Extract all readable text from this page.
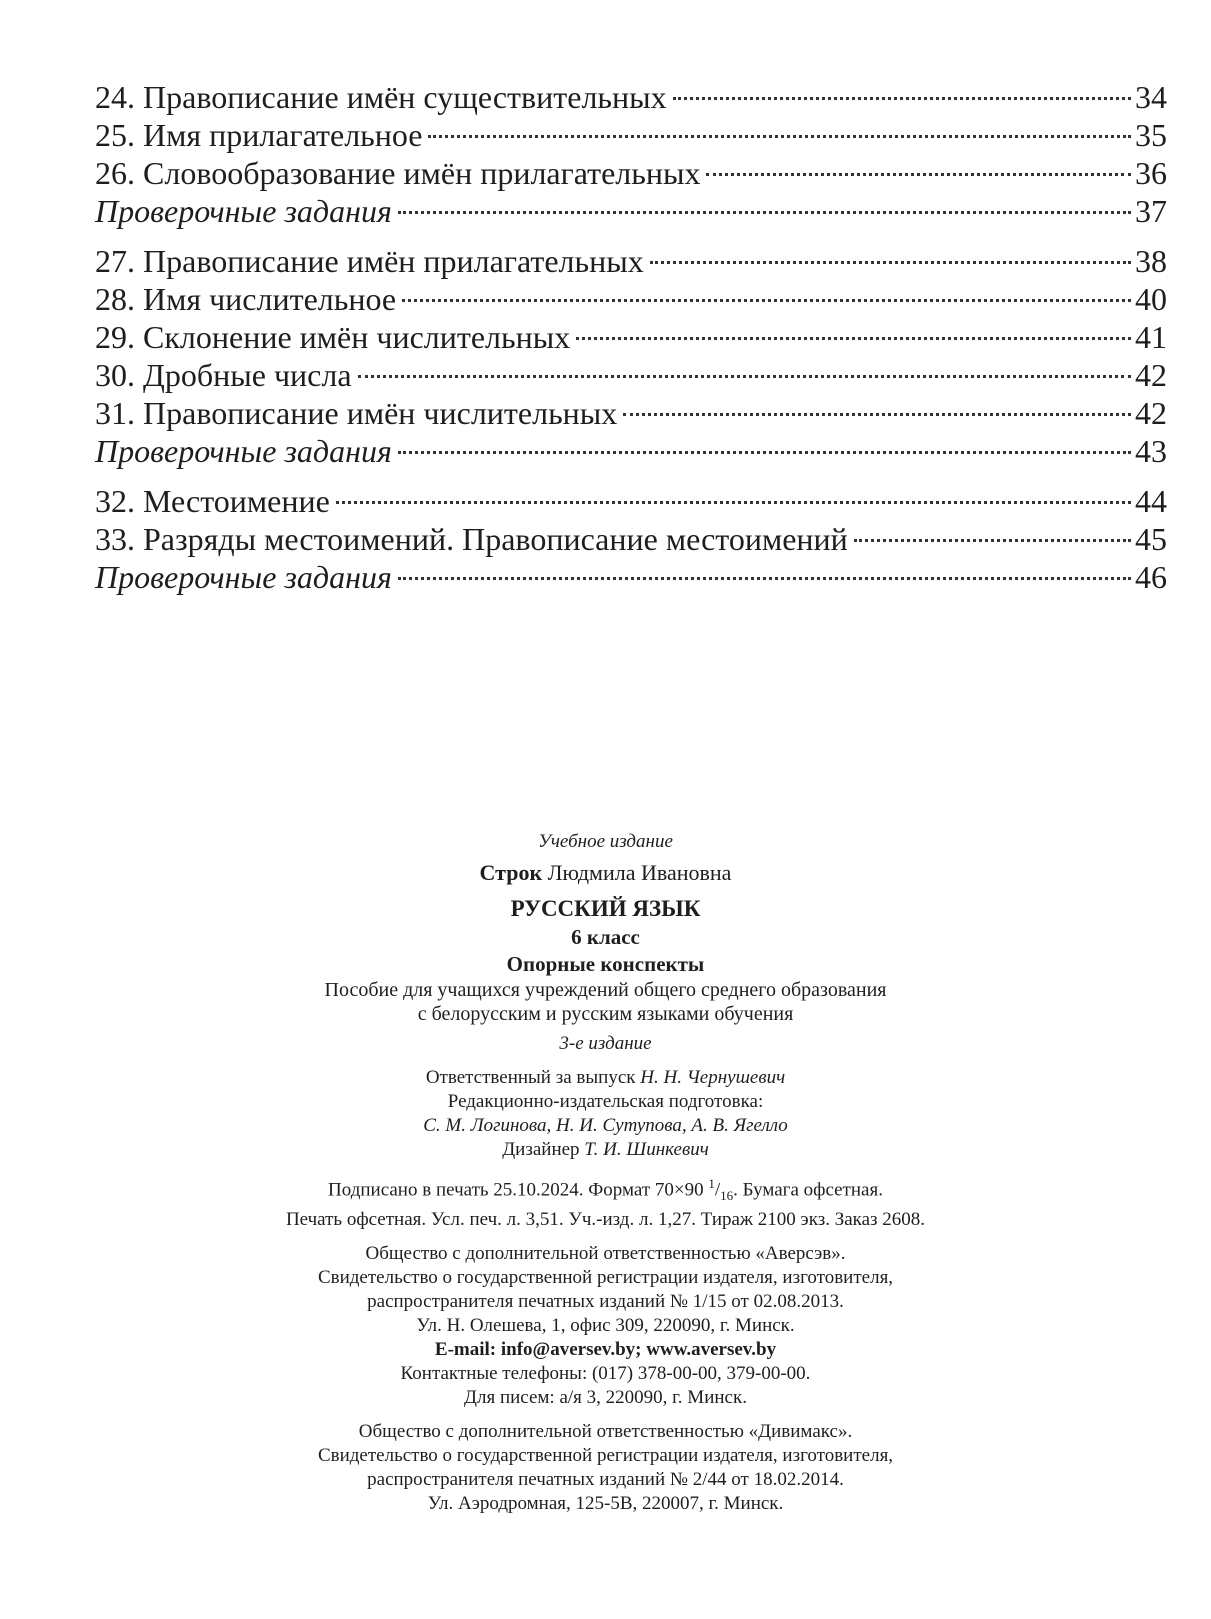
24. Правописание имён существительных	34
25. Имя прилагательное	35
26. Словообразование имён прилагательных	36
Проверочные задания	37
27. Правописание имён прилагательных	38
28. Имя числительное	40
29. Склонение имён числительных	41
30. Дробные числа	42
31. Правописание имён числительных	42
Проверочные задания	43
32. Местоимение	44
33. Разряды местоимений. Правописание местоимений	45
Проверочные задания	46
Учебное издание
Строк Людмила Ивановна
РУССКИЙ ЯЗЫК
6 класс
Опорные конспекты
Пособие для учащихся учреждений общего среднего образования
с белорусским и русским языками обучения
3-е издание
Ответственный за выпуск Н. Н. Чернушевич
Редакционно-издательская подготовка:
С. М. Логинова, Н. И. Сутупова, А. В. Ягелло
Дизайнер Т. И. Шинкевич
Подписано в печать 25.10.2024. Формат 70×90 $^1/_{16}$. Бумага офсетная.
Печать офсетная. Усл. печ. л. 3,51. Уч.-изд. л. 1,27. Тираж 2100 экз. Заказ 2608.
Общество с дополнительной ответственностью «Аверсэв».
Свидетельство о государственной регистрации издателя, изготовителя,
распространителя печатных изданий № 1/15 от 02.08.2013.
Ул. Н. Олешева, 1, офис 309, 220090, г. Минск.
E-mail: info@aversev.by; www.aversev.by
Контактные телефоны: (017) 378-00-00, 379-00-00.
Для писем: а/я 3, 220090, г. Минск.
Общество с дополнительной ответственностью «Дивимакс».
Свидетельство о государственной регистрации издателя, изготовителя,
распространителя печатных изданий № 2/44 от 18.02.2014.
Ул. Аэродромная, 125-5В, 220007, г. Минск.
